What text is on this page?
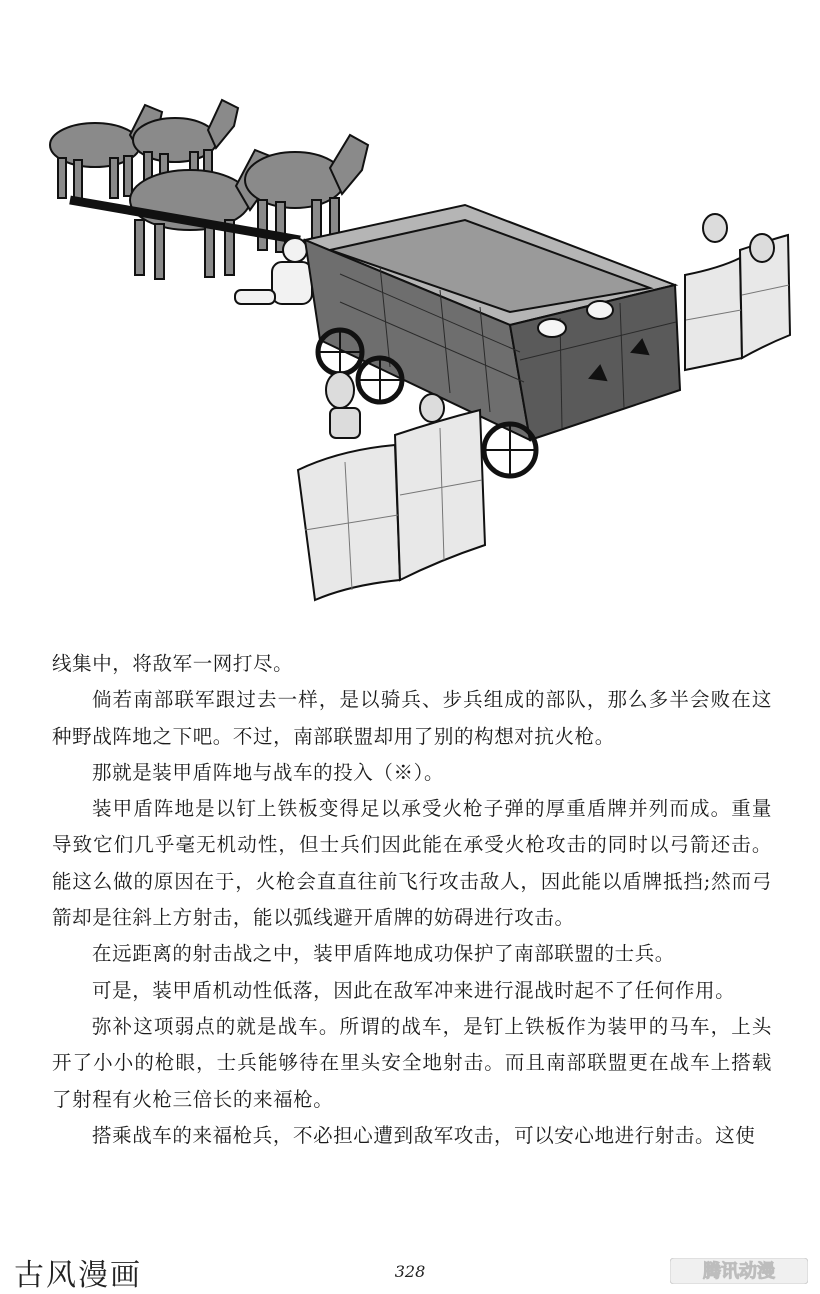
线集中，将敌军一网打尽。

倘若南部联军跟过去一样，是以骑兵、步兵组成的部队，那么多半会败在这种野战阵地之下吧。不过，南部联盟却用了别的构想对抗火枪。

那就是装甲盾阵地与战车的投入（※）。

装甲盾阵地是以钉上铁板变得足以承受火枪子弹的厚重盾牌并列而成。重量导致它们几乎毫无机动性，但士兵们因此能在承受火枪攻击的同时以弓箭还击。能这么做的原因在于，火枪会直直往前飞行攻击敌人，因此能以盾牌抵挡;然而弓箭却是往斜上方射击，能以弧线避开盾牌的妨碍进行攻击。

在远距离的射击战之中，装甲盾阵地成功保护了南部联盟的士兵。

可是，装甲盾机动性低落，因此在敌军冲来进行混战时起不了任何作用。

弥补这项弱点的就是战车。所谓的战车，是钉上铁板作为装甲的马车，上头开了小小的枪眼，士兵能够待在里头安全地射击。而且南部联盟更在战车上搭载了射程有火枪三倍长的来福枪。

搭乘战车的来福枪兵，不必担心遭到敌军攻击，可以安心地进行射击。这使

328
古风漫画	腾讯动漫
